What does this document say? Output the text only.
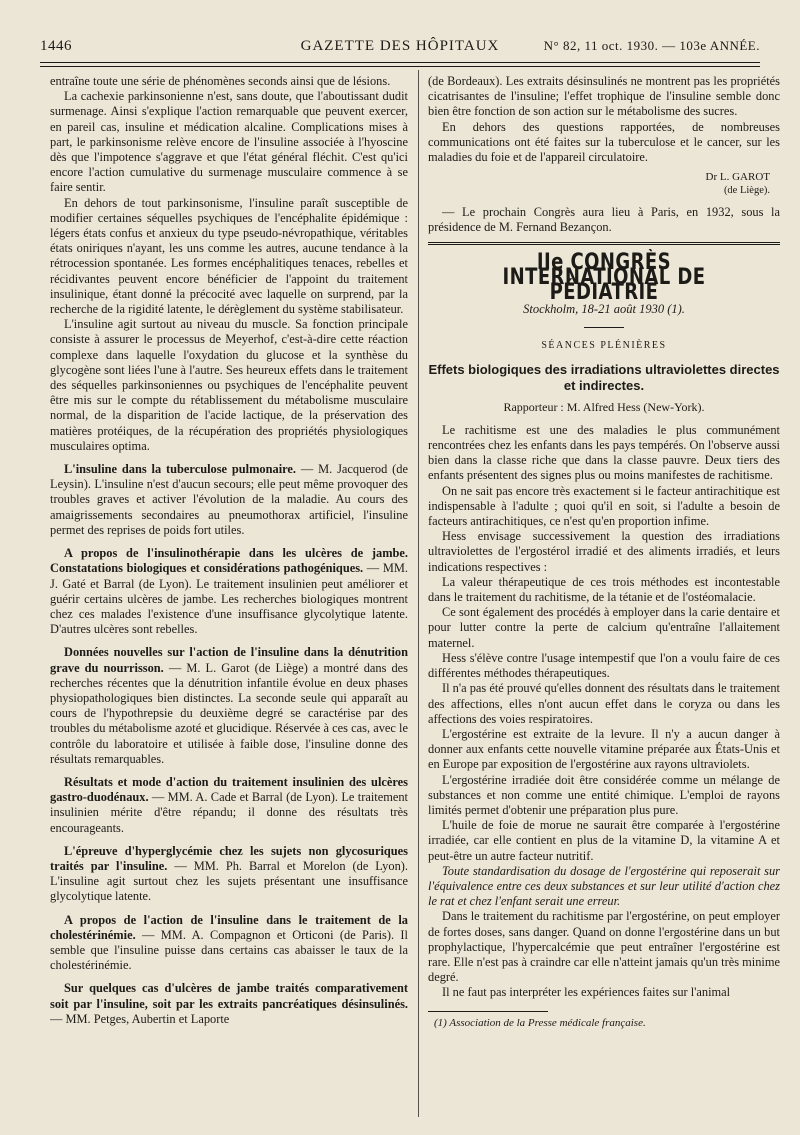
1446	GAZETTE DES HÔPITAUX	N° 82, 11 oct. 1930. — 103e ANNÉE.

entraîne toute une série de phénomènes seconds ainsi que de lésions.

La cachexie parkinsonienne n'est, sans doute, que l'aboutissant dudit surmenage. Ainsi s'explique l'action remarquable que peuvent exercer, en pareil cas, insuline et médication alcaline. Complications mises à part, le parkinsonisme relève encore de l'insuline associée à l'hyoscine dès que l'impotence s'aggrave et que l'état général fléchit. C'est qu'ici encore l'action cumulative du surmenage musculaire commence à se faire sentir.

En dehors de tout parkinsonisme, l'insuline paraît susceptible de modifier certaines séquelles psychiques de l'encéphalite épidémique : légers états confus et anxieux du type pseudo-névropathique, véritables états oniriques n'ayant, les uns comme les autres, aucune tendance à la rétrocession spontanée. Les formes encéphalitiques tenaces, rebelles et récidivantes peuvent encore bénéficier de l'appoint du traitement insulinique, étant donné la précocité avec laquelle on surprend, par la recherche de la rigidité latente, le dérèglement du système stabilisateur.

L'insuline agit surtout au niveau du muscle. Sa fonction principale consiste à assurer le processus de Meyerhof, c'est-à-dire cette réaction complexe dans laquelle l'oxydation du glucose et la synthèse du glycogène sont liées l'une à l'autre. Ses heureux effets dans le traitement des séquelles parkinsoniennes ou psychiques de l'encéphalite peuvent être mis sur le compte du rétablissement du métabolisme musculaire normal, de la disparition de l'acide lactique, de la préservation des matières protéiques, de la récupération des propriétés physiologiques musculaires optima.

L'insuline dans la tuberculose pulmonaire. — M. Jacquerod (de Leysin). L'insuline n'est d'aucun secours; elle peut même provoquer des troubles graves et activer l'évolution de la maladie. Au cours des amaigrissements secondaires au pneumothorax artificiel, l'insuline permet des reprises de poids fort utiles.

A propos de l'insulinothérapie dans les ulcères de jambe. Constatations biologiques et considérations pathogéniques. — MM. J. Gaté et Barral (de Lyon). Le traitement insulinien peut améliorer et guérir certains ulcères de jambe. Les recherches biologiques montrent chez ces malades l'existence d'une insuffisance glycolytique latente. D'autres ulcères sont rebelles.

Données nouvelles sur l'action de l'insuline dans la dénutrition grave du nourrisson. — M. L. Garot (de Liège) a montré dans des recherches récentes que la dénutrition infantile évolue en deux phases physiopathologiques bien distinctes. La seconde seule qui apparaît au cours de l'hypothrepsie du deuxième degré se caractérise par des troubles du métabolisme azoté et glucidique. Réservée à ces cas, avec le contrôle du laboratoire et utilisée à faible dose, l'insuline donne des résultats remarquables.

Résultats et mode d'action du traitement insulinien des ulcères gastro-duodénaux. — MM. A. Cade et Barral (de Lyon). Le traitement insulinien mérite d'être répandu; il donne des résultats très encourageants.

L'épreuve d'hyperglycémie chez les sujets non glycosuriques traités par l'insuline. — MM. Ph. Barral et Morelon (de Lyon). L'insuline agit surtout chez les sujets présentant une insuffisance glycolytique latente.

A propos de l'action de l'insuline dans le traitement de la cholestérinémie. — MM. A. Compagnon et Orticoni (de Paris). Il semble que l'insuline puisse dans certains cas abaisser le taux de la cholestérinémie.

Sur quelques cas d'ulcères de jambe traités comparativement soit par l'insuline, soit par les extraits pancréatiques désinsulinés. — MM. Petges, Aubertin et Laporte

(de Bordeaux). Les extraits désinsulinés ne montrent pas les propriétés cicatrisantes de l'insuline; l'effet trophique de l'insuline semble donc bien être fonction de son action sur le métabolisme des sucres.

En dehors des questions rapportées, de nombreuses communications ont été faites sur la tuberculose et le cancer, sur les maladies du foie et de l'appareil circulatoire.

Dr L. GAROT
(de Liège).

— Le prochain Congrès aura lieu à Paris, en 1932, sous la présidence de M. Fernand Bezançon.

IIe CONGRÈS INTERNATIONAL DE PÉDIATRIE
Stockholm, 18-21 août 1930 (1).
SÉANCES PLÉNIÈRES
Effets biologiques des irradiations ultraviolettes directes et indirectes.
Rapporteur : M. Alfred Hess (New-York).

Le rachitisme est une des maladies le plus communément rencontrées chez les enfants dans les pays tempérés. On l'observe aussi bien dans la classe riche que dans la classe pauvre. Deux tiers des enfants présentent des signes plus ou moins manifestes de rachitisme.

On ne sait pas encore très exactement si le facteur antirachitique est indispensable à l'adulte ; quoi qu'il en soit, si l'adulte a besoin de facteurs antirachitiques, ce n'est qu'en proportion infime.

Hess envisage successivement la question des irradiations ultraviolettes de l'ergostérol irradié et des aliments irradiés, et leurs indications respectives :

La valeur thérapeutique de ces trois méthodes est incontestable dans le traitement du rachitisme, de la tétanie et de l'ostéomalacie.

Ce sont également des procédés à employer dans la carie dentaire et pour lutter contre la perte de calcium qu'entraîne l'allaitement maternel.

Hess s'élève contre l'usage intempestif que l'on a voulu faire de ces différentes méthodes thérapeutiques.

Il n'a pas été prouvé qu'elles donnent des résultats dans le traitement des affections, elles n'ont aucun effet dans le coryza ou dans les affections des voies respiratoires.

L'ergostérine est extraite de la levure. Il n'y a aucun danger à donner aux enfants cette nouvelle vitamine préparée aux États-Unis et en Europe par exposition de l'ergostérine aux rayons ultraviolets.

L'ergostérine irradiée doit être considérée comme un mélange de substances et non comme une entité chimique. L'emploi de rayons limités permet d'obtenir une préparation plus pure.

L'huile de foie de morue ne saurait être comparée à l'ergostérine irradiée, car elle contient en plus de la vitamine D, la vitamine A et peut-être un autre facteur nutritif.

Toute standardisation du dosage de l'ergostérine qui reposerait sur l'équivalence entre ces deux substances et sur leur utilité d'action chez le rat et chez l'enfant serait une erreur.

Dans le traitement du rachitisme par l'ergostérine, on peut employer de fortes doses, sans danger. Quand on donne l'ergostérine dans un but prophylactique, l'hypercalcémie que peut entraîner l'ergostérine est rare. Elle n'est pas à craindre car elle n'atteint jamais qu'un très minime degré.

Il ne faut pas interpréter les expériences faites sur l'animal

(1) Association de la Presse médicale française.
